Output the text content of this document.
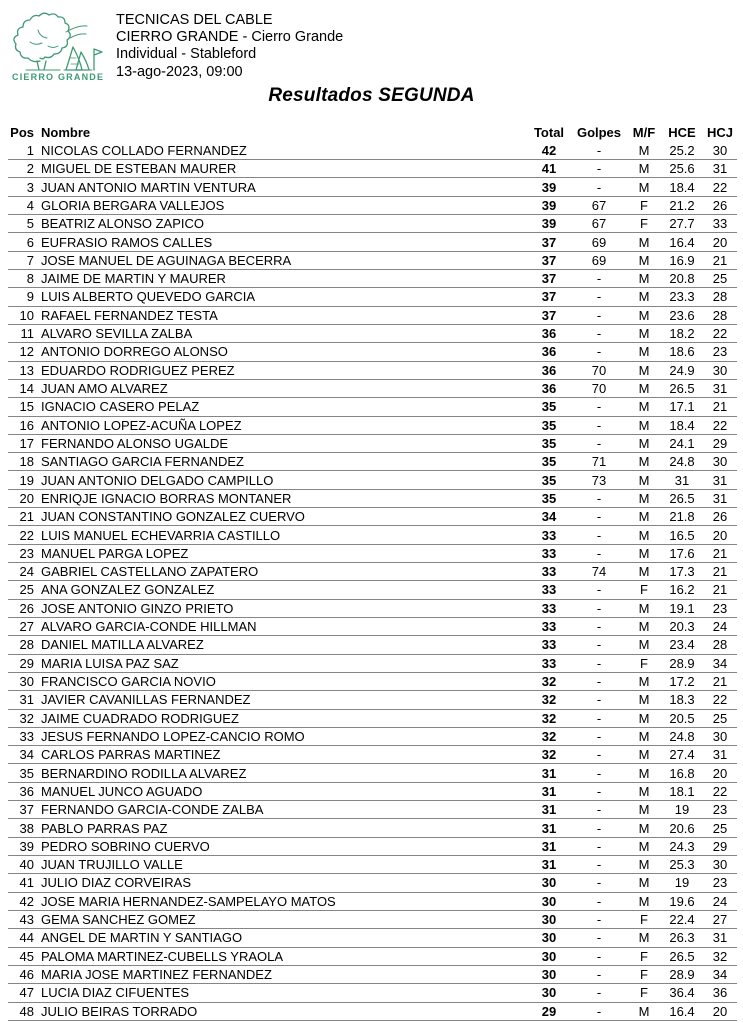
CIERRO GRANDE
TECNICAS DEL CABLE
CIERRO GRANDE - Cierro Grande
Individual - Stableford
13-ago-2023, 09:00
Resultados SEGUNDA
Pos	Nombre	Total	Golpes	M/F	HCE	HCJ
1	NICOLAS COLLADO FERNANDEZ	42	-	M	25.2	30
2	MIGUEL DE ESTEBAN MAURER	41	-	M	25.6	31
3	JUAN ANTONIO MARTIN VENTURA	39	-	M	18.4	22
4	GLORIA BERGARA VALLEJOS	39	67	F	21.2	26
5	BEATRIZ ALONSO ZAPICO	39	67	F	27.7	33
6	EUFRASIO RAMOS CALLES	37	69	M	16.4	20
7	JOSE MANUEL DE AGUINAGA BECERRA	37	69	M	16.9	21
8	JAIME DE MARTIN Y MAURER	37	-	M	20.8	25
9	LUIS ALBERTO QUEVEDO GARCIA	37	-	M	23.3	28
10	RAFAEL FERNANDEZ TESTA	37	-	M	23.6	28
11	ALVARO SEVILLA ZALBA	36	-	M	18.2	22
12	ANTONIO DORREGO ALONSO	36	-	M	18.6	23
13	EDUARDO RODRIGUEZ PEREZ	36	70	M	24.9	30
14	JUAN AMO ALVAREZ	36	70	M	26.5	31
15	IGNACIO CASERO PELAZ	35	-	M	17.1	21
16	ANTONIO LOPEZ-ACUÑA LOPEZ	35	-	M	18.4	22
17	FERNANDO ALONSO UGALDE	35	-	M	24.1	29
18	SANTIAGO GARCIA FERNANDEZ	35	71	M	24.8	30
19	JUAN ANTONIO DELGADO CAMPILLO	35	73	M	31	31
20	ENRIQJE IGNACIO BORRAS MONTANER	35	-	M	26.5	31
21	JUAN CONSTANTINO GONZALEZ CUERVO	34	-	M	21.8	26
22	LUIS MANUEL ECHEVARRIA CASTILLO	33	-	M	16.5	20
23	MANUEL PARGA LOPEZ	33	-	M	17.6	21
24	GABRIEL CASTELLANO ZAPATERO	33	74	M	17.3	21
25	ANA GONZALEZ GONZALEZ	33	-	F	16.2	21
26	JOSE ANTONIO GINZO PRIETO	33	-	M	19.1	23
27	ALVARO GARCIA-CONDE HILLMAN	33	-	M	20.3	24
28	DANIEL MATILLA ALVAREZ	33	-	M	23.4	28
29	MARIA LUISA PAZ SAZ	33	-	F	28.9	34
30	FRANCISCO GARCIA NOVIO	32	-	M	17.2	21
31	JAVIER CAVANILLAS FERNANDEZ	32	-	M	18.3	22
32	JAIME CUADRADO RODRIGUEZ	32	-	M	20.5	25
33	JESUS FERNANDO LOPEZ-CANCIO ROMO	32	-	M	24.8	30
34	CARLOS PARRAS MARTINEZ	32	-	M	27.4	31
35	BERNARDINO RODILLA ALVAREZ	31	-	M	16.8	20
36	MANUEL JUNCO AGUADO	31	-	M	18.1	22
37	FERNANDO GARCIA-CONDE ZALBA	31	-	M	19	23
38	PABLO PARRAS PAZ	31	-	M	20.6	25
39	PEDRO SOBRINO CUERVO	31	-	M	24.3	29
40	JUAN TRUJILLO VALLE	31	-	M	25.3	30
41	JULIO DIAZ CORVEIRAS	30	-	M	19	23
42	JOSE MARIA HERNANDEZ-SAMPELAYO MATOS	30	-	M	19.6	24
43	GEMA SANCHEZ GOMEZ	30	-	F	22.4	27
44	ANGEL DE MARTIN Y SANTIAGO	30	-	M	26.3	31
45	PALOMA MARTINEZ-CUBELLS YRAOLA	30	-	F	26.5	32
46	MARIA JOSE MARTINEZ FERNANDEZ	30	-	F	28.9	34
47	LUCIA DIAZ CIFUENTES	30	-	F	36.4	36
48	JULIO BEIRAS TORRADO	29	-	M	16.4	20
